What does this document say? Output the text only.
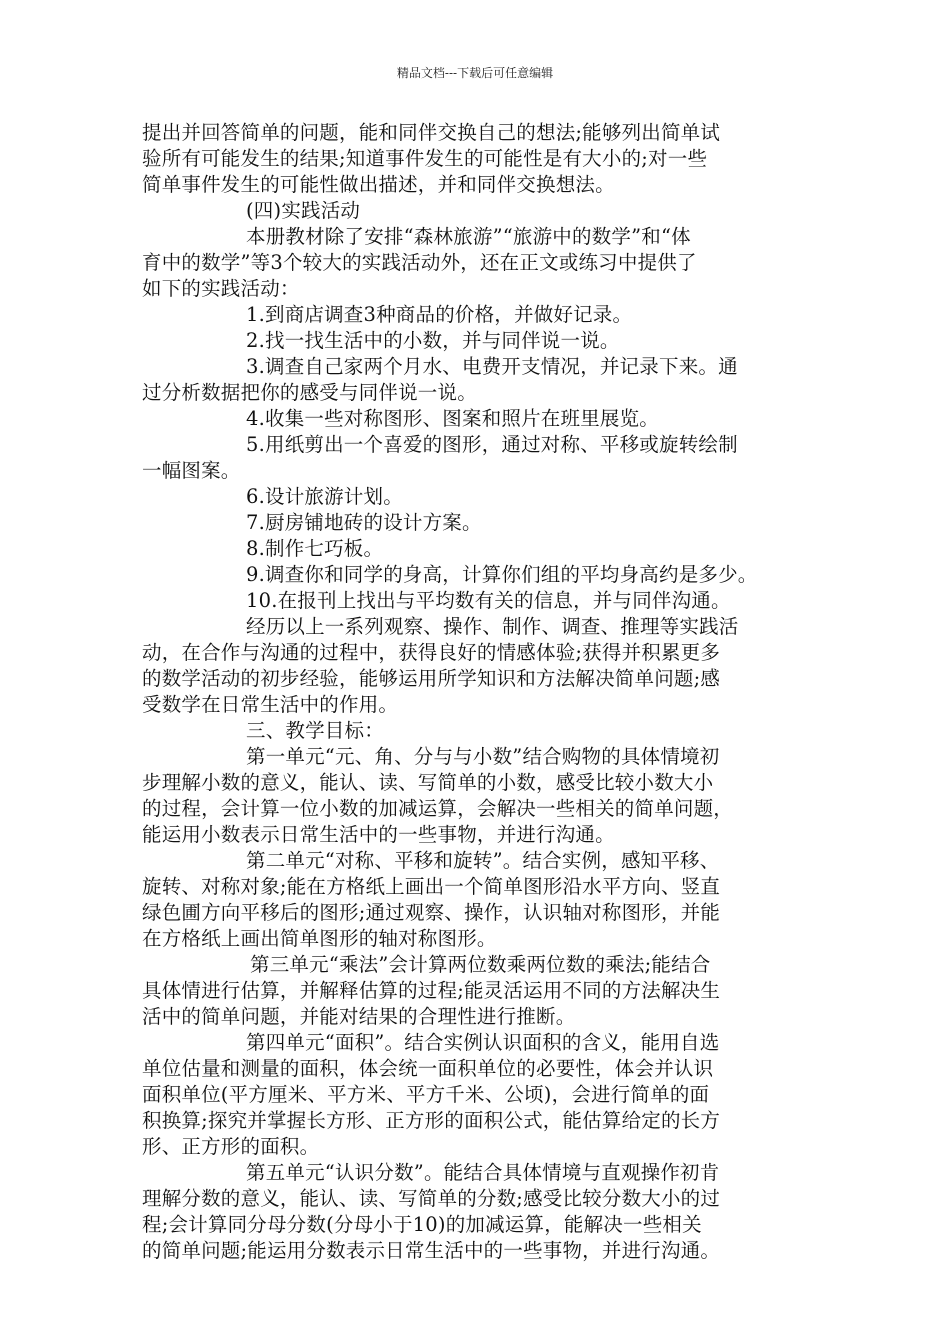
精品文档---下载后可任意编辑
提出并回答简单的问题，能和同伴交换自己的想法;能够列出简单试
验所有可能发生的结果;知道事件发生的可能性是有大小的;对一些
简单事件发生的可能性做出描述，并和同伴交换想法。
(四)实践活动
本册教材除了安排“森林旅游”“旅游中的数学”和“体
育中的数学”等3个较大的实践活动外，还在正文或练习中提供了
如下的实践活动：
1.到商店调查3种商品的价格，并做好记录。
2.找一找生活中的小数，并与同伴说一说。
3.调查自己家两个月水、电费开支情况，并记录下来。通
过分析数据把你的感受与同伴说一说。
4.收集一些对称图形、图案和照片在班里展览。
5.用纸剪出一个喜爱的图形，通过对称、平移或旋转绘制
一幅图案。
6.设计旅游计划。
7.厨房铺地砖的设计方案。
8.制作七巧板。
9.调查你和同学的身高，计算你们组的平均身高约是多少。
10.在报刊上找出与平均数有关的信息，并与同伴沟通。
经历以上一系列观察、操作、制作、调查、推理等实践活
动，在合作与沟通的过程中，获得良好的情感体验;获得并积累更多
的数学活动的初步经验，能够运用所学知识和方法解决简单问题;感
受数学在日常生活中的作用。
三、教学目标：
第一单元“元、角、分与与小数”结合购物的具体情境初
步理解小数的意义，能认、读、写简单的小数，感受比较小数大小
的过程，会计算一位小数的加减运算，会解决一些相关的简单问题，
能运用小数表示日常生活中的一些事物，并进行沟通。
第二单元“对称、平移和旋转”。结合实例，感知平移、
旋转、对称对象;能在方格纸上画出一个简单图形沿水平方向、竖直
绿色圃方向平移后的图形;通过观察、操作，认识轴对称图形，并能
在方格纸上画出简单图形的轴对称图形。
第三单元“乘法”会计算两位数乘两位数的乘法;能结合
具体情进行估算，并解释估算的过程;能灵活运用不同的方法解决生
活中的简单问题，并能对结果的合理性进行推断。
第四单元“面积”。结合实例认识面积的含义，能用自选
单位估量和测量的面积，体会统一面积单位的必要性，体会并认识
面积单位(平方厘米、平方米、平方千米、公顷)，会进行简单的面
积换算;探究并掌握长方形、正方形的面积公式，能估算给定的长方
形、正方形的面积。
第五单元“认识分数”。能结合具体情境与直观操作初肯
理解分数的意义，能认、读、写简单的分数;感受比较分数大小的过
程;会计算同分母分数(分母小于10)的加减运算，能解决一些相关
的简单问题;能运用分数表示日常生活中的一些事物，并进行沟通。
